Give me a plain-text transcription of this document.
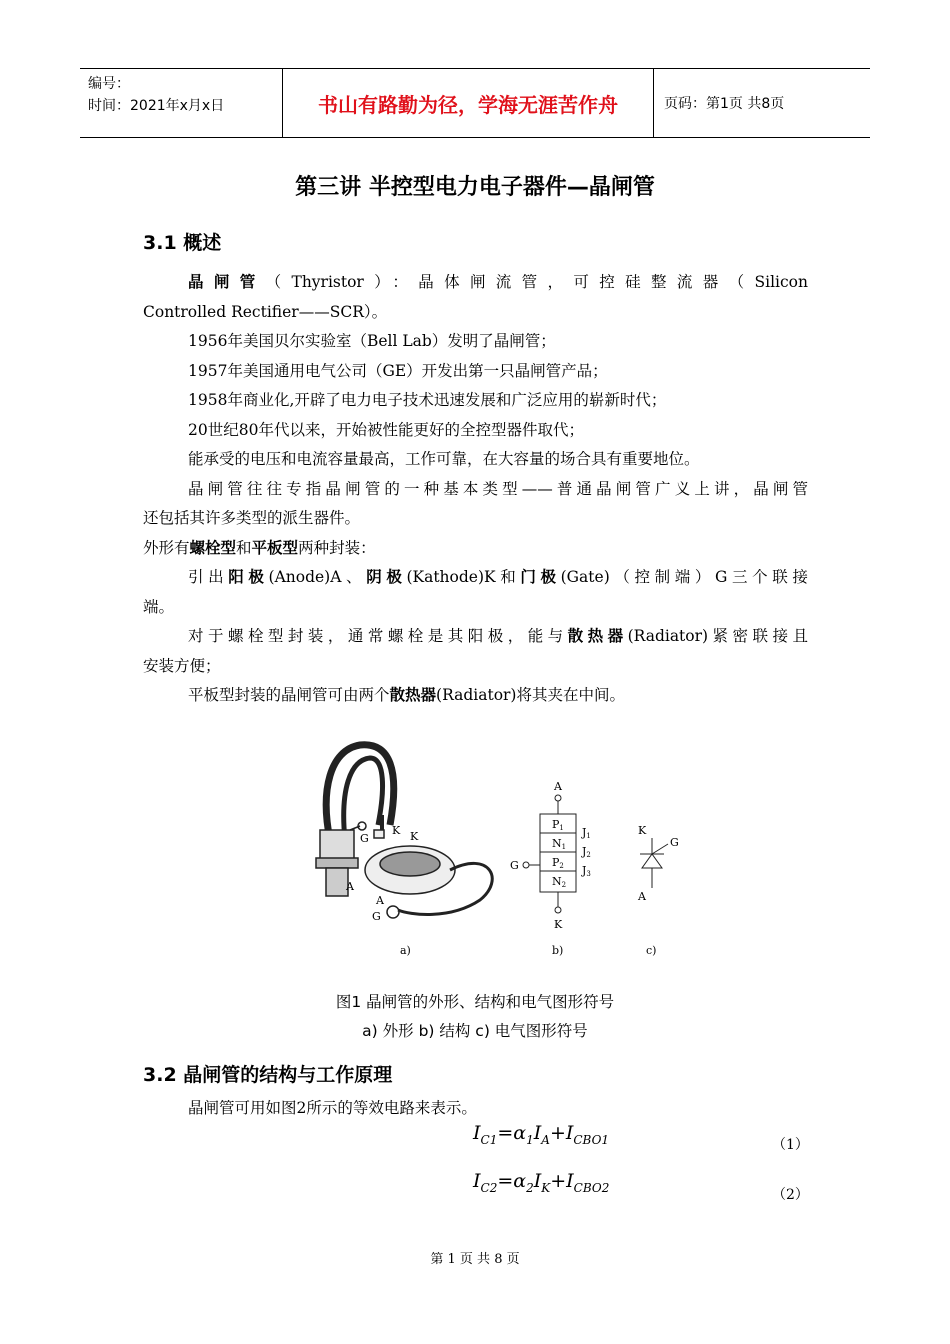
编号：
时间：2021年x月x日	书山有路勤为径，学海无涯苦作舟	页码：第1页 共8页
第三讲 半控型电力电子器件—晶闸管
3.1 概述

晶闸管（Thyristor）：晶体闸流管，可控硅整流器（Silicon

Controlled Rectifier——SCR）。

1956年美国贝尔实验室（Bell Lab）发明了晶闸管；

1957年美国通用电气公司（GE）开发出第一只晶闸管产品；

1958年商业化,开辟了电力电子技术迅速发展和广泛应用的崭新时代；

20世纪80年代以来，开始被性能更好的全控型器件取代；

能承受的电压和电流容量最高，工作可靠，在大容量的场合具有重要地位。

晶闸管往往专指晶闸管的一种基本类型——普通晶闸管广义上讲，晶闸管

还包括其许多类型的派生器件。

外形有螺栓型和平板型两种封装：

引出阳极(Anode)A、阴极(Kathode)K和门极(Gate)（控制端）G三个联接

端。

对于螺栓型封装，通常螺栓是其阳极，能与散热器(Radiator)紧密联接且

安装方便；

平板型封装的晶闸管可由两个散热器(Radiator)将其夹在中间。

G
K K
A
A
G
a)
A
P1
N1
P2
N2
J1
J2
J3
G
K
b)
K
G
A
c)
图1 晶闸管的外形、结构和电气图形符号
a) 外形 b) 结构 c) 电气图形符号
3.2 晶闸管的结构与工作原理

晶闸管可用如图2所示的等效电路来表示。

$I_{C1}=\alpha_1I_A+I_{CBO1}$	（1）
$I_{C2}=\alpha_2I_K+I_{CBO2}$	（2）
第 1 页 共 8 页
